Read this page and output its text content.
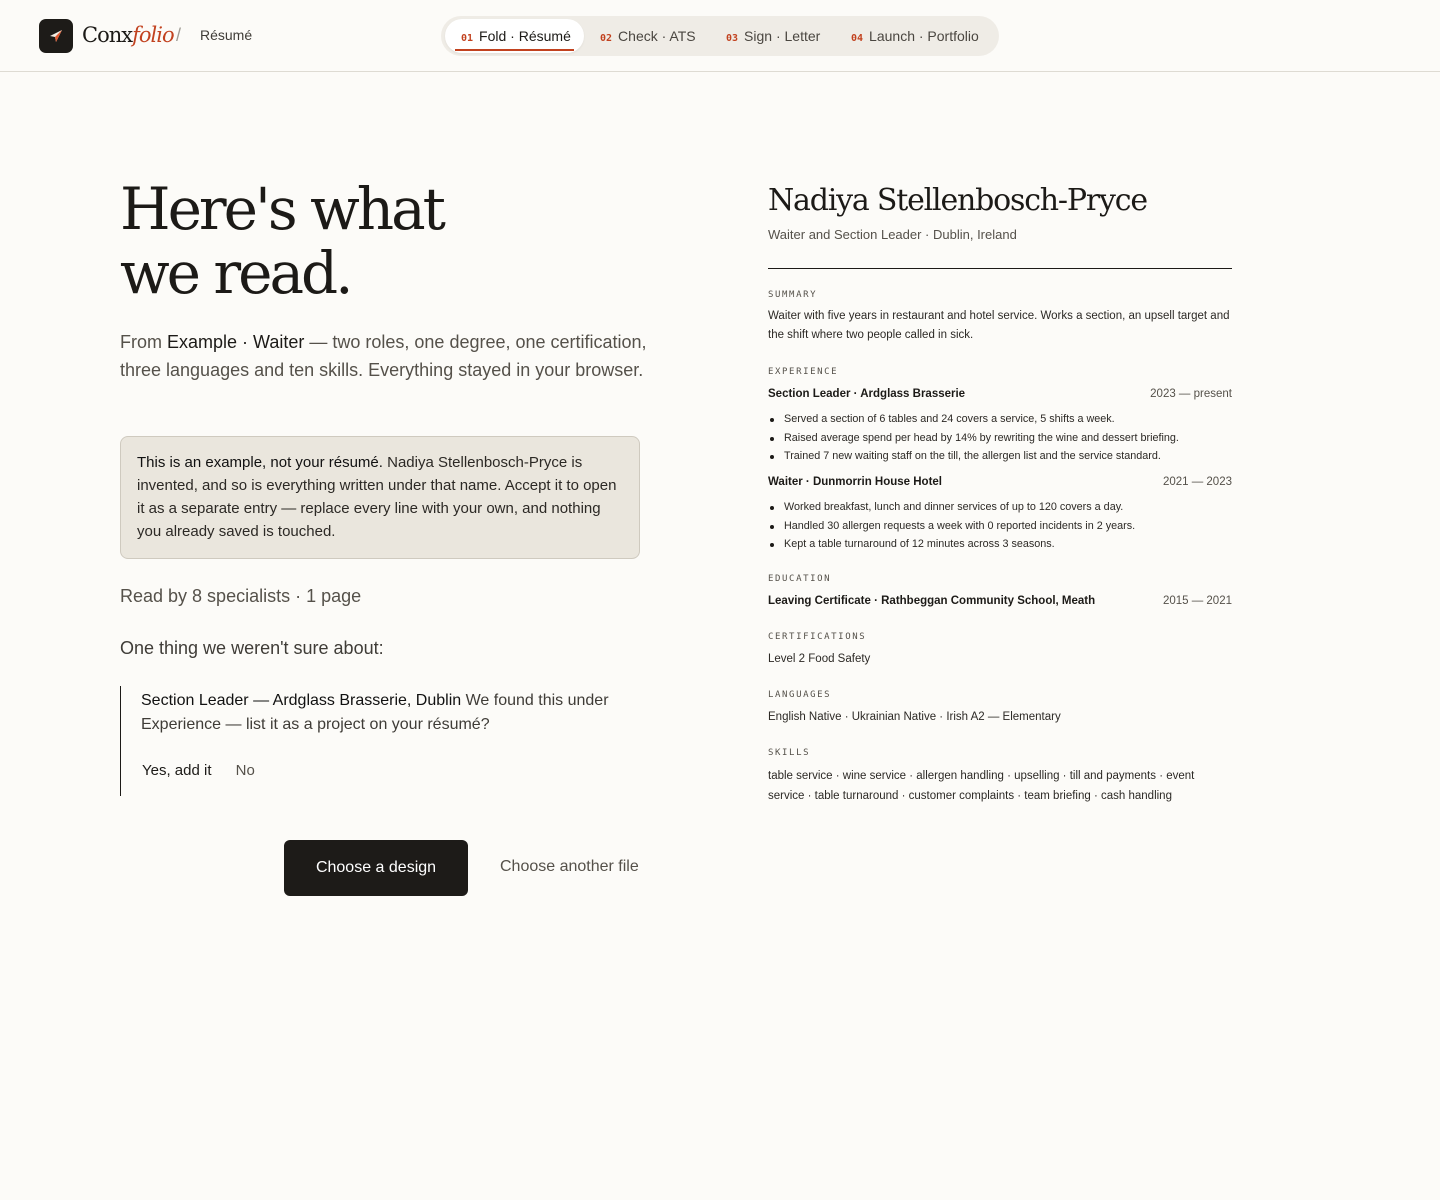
Conxfolio / Résumé	01 Fold · Résumé	02 Check · ATS	03 Sign · Letter	04 Launch · Portfolio
Here's what
we read.
From Example · Waiter — two roles, one degree, one certification, three languages and ten skills. Everything stayed in your browser.
This is an example, not your résumé. Nadiya Stellenbosch-Pryce is invented, and so is everything written under that name. Accept it to open it as a separate entry — replace every line with your own, and nothing you already saved is touched.
Read by 8 specialists · 1 page
One thing we weren't sure about:
Section Leader — Ardglass Brasserie, Dublin We found this under Experience — list it as a project on your résumé?
Yes, add it No
Choose a design	Choose another file
Nadiya Stellenbosch-Pryce
Waiter and Section Leader · Dublin, Ireland
SUMMARY
Waiter with five years in restaurant and hotel service. Works a section, an upsell target and the shift where two people called in sick.
EXPERIENCE
Section Leader · Ardglass Brasserie	2023 — present
Served a section of 6 tables and 24 covers a service, 5 shifts a week.
Raised average spend per head by 14% by rewriting the wine and dessert briefing.
Trained 7 new waiting staff on the till, the allergen list and the service standard.
Waiter · Dunmorrin House Hotel	2021 — 2023
Worked breakfast, lunch and dinner services of up to 120 covers a day.
Handled 30 allergen requests a week with 0 reported incidents in 2 years.
Kept a table turnaround of 12 minutes across 3 seasons.
EDUCATION
Leaving Certificate · Rathbeggan Community School, Meath	2015 — 2021
CERTIFICATIONS
Level 2 Food Safety
LANGUAGES
English Native · Ukrainian Native · Irish A2 — Elementary
SKILLS
table service · wine service · allergen handling · upselling · till and payments · event service · table turnaround · customer complaints · team briefing · cash handling
